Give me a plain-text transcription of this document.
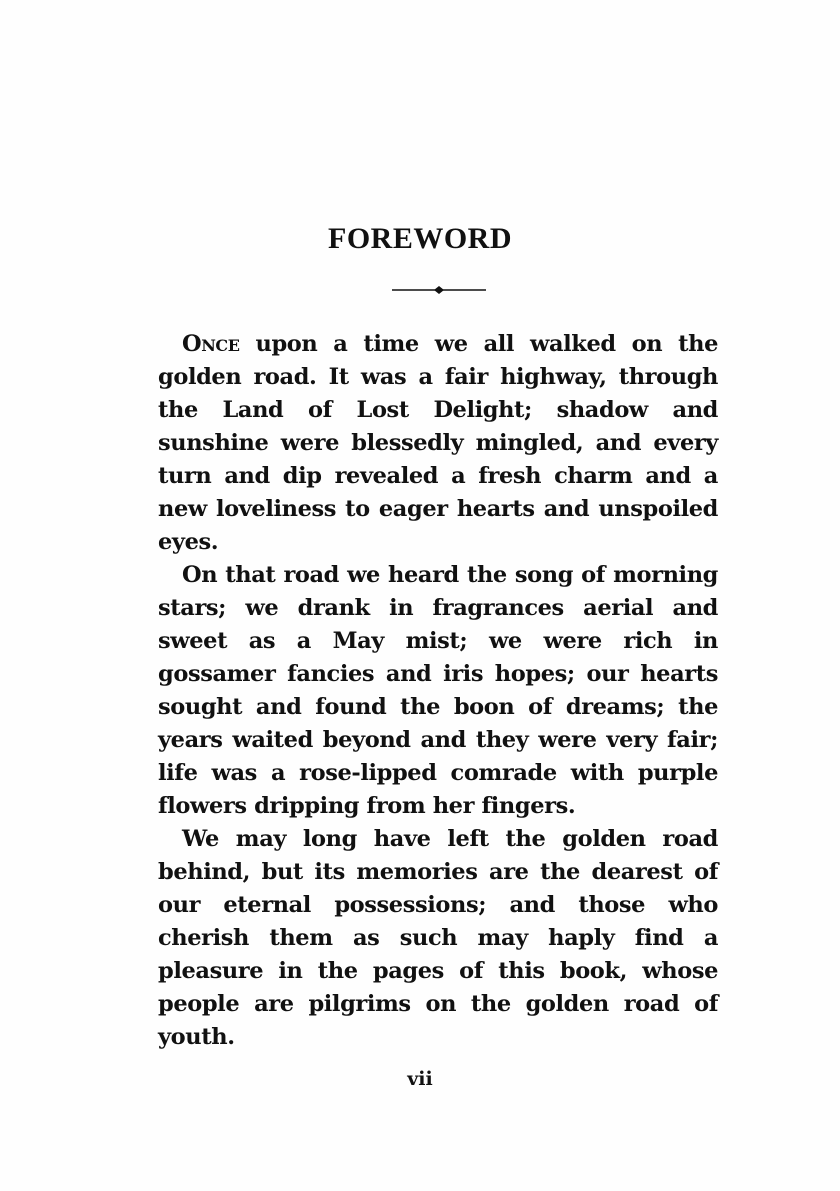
FOREWORD

Once upon a time we all walked on the golden road. It was a fair highway, through the Land of Lost Delight; shadow and sunshine were blessedly mingled, and every turn and dip revealed a fresh charm and a new loveliness to eager hearts and unspoiled eyes.

On that road we heard the song of morning stars; we drank in fragrances aerial and sweet as a May mist; we were rich in gossamer fancies and iris hopes; our hearts sought and found the boon of dreams; the years waited beyond and they were very fair; life was a rose-lipped comrade with purple flowers dripping from her fingers.

We may long have left the golden road behind, but its memories are the dearest of our eternal possessions; and those who cherish them as such may haply find a pleasure in the pages of this book, whose people are pilgrims on the golden road of youth.

vii
